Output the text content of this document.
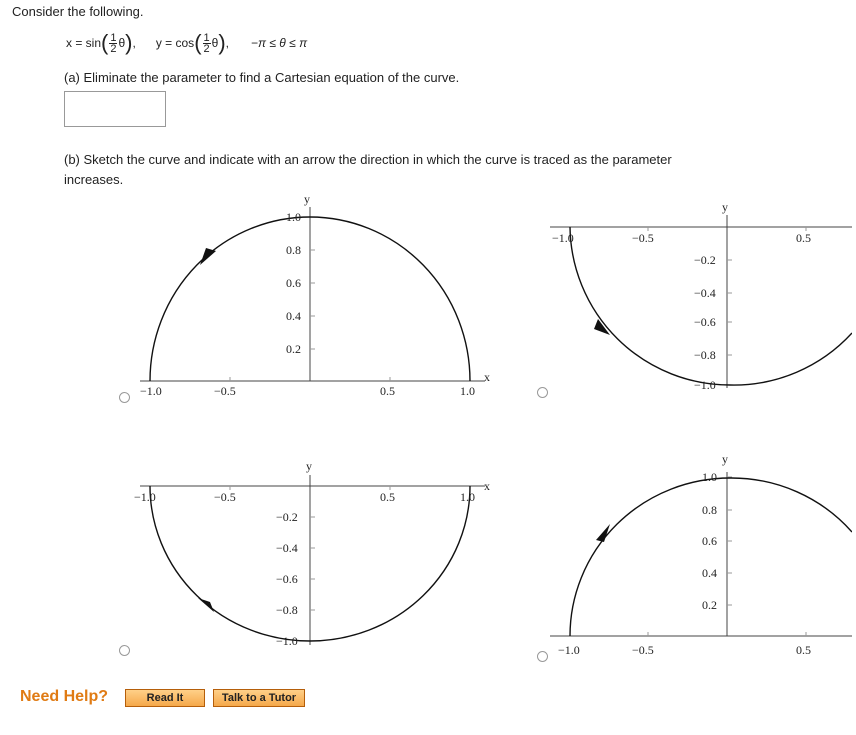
Consider the following.
x = sin ( $\frac{1}{2}$ θ ) , y = cos ( $\frac{1}{2}$ θ ) , −π ≤ θ ≤ π
(a) Eliminate the parameter to find a Cartesian equation of the curve.
(b) Sketch the curve and indicate with an arrow the direction in which the curve is traced as the parameter
increases.
y
x
−1.0	−0.5	0.5	1.0
1.0
0.8
0.6
0.4
0.2
y
−1.0	−0.5	0.5
−0.2
−0.4
−0.6
−0.8
−1.0
y
x
−1.0	−0.5	0.5	1.0
−0.2
−0.4
−0.6
−0.8
−1.0
y
−1.0	−0.5	0.5
1.0
0.8
0.6
0.4
0.2
Need Help?	Read It	Talk to a Tutor
